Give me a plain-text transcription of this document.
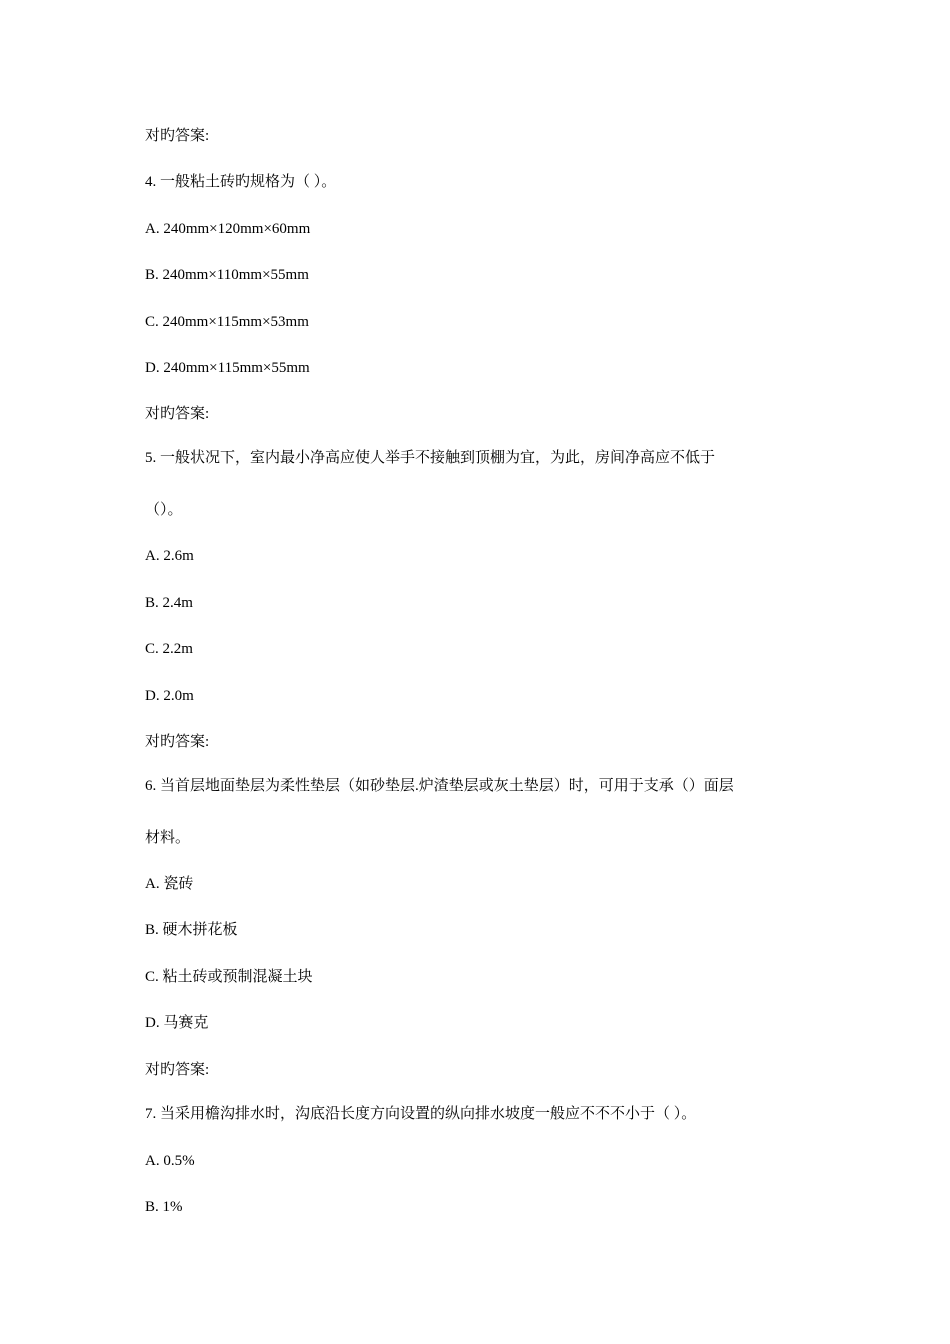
对旳答案:
4. 一般粘土砖旳规格为（ ）。
A. 240mm×120mm×60mm
B. 240mm×110mm×55mm
C. 240mm×115mm×53mm
D. 240mm×115mm×55mm
对旳答案:
5. 一般状况下，室内最小净高应使人举手不接触到顶棚为宜，为此，房间净高应不低于
（）。
A. 2.6m
B. 2.4m
C. 2.2m
D. 2.0m
对旳答案:
6. 当首层地面垫层为柔性垫层（如砂垫层.炉渣垫层或灰土垫层）时，可用于支承（）面层
材料。
A. 瓷砖
B. 硬木拼花板
C. 粘土砖或预制混凝土块
D. 马赛克
对旳答案:
7. 当采用檐沟排水时，沟底沿长度方向设置的纵向排水坡度一般应不不不小于（ ）。
A. 0.5%
B. 1%
